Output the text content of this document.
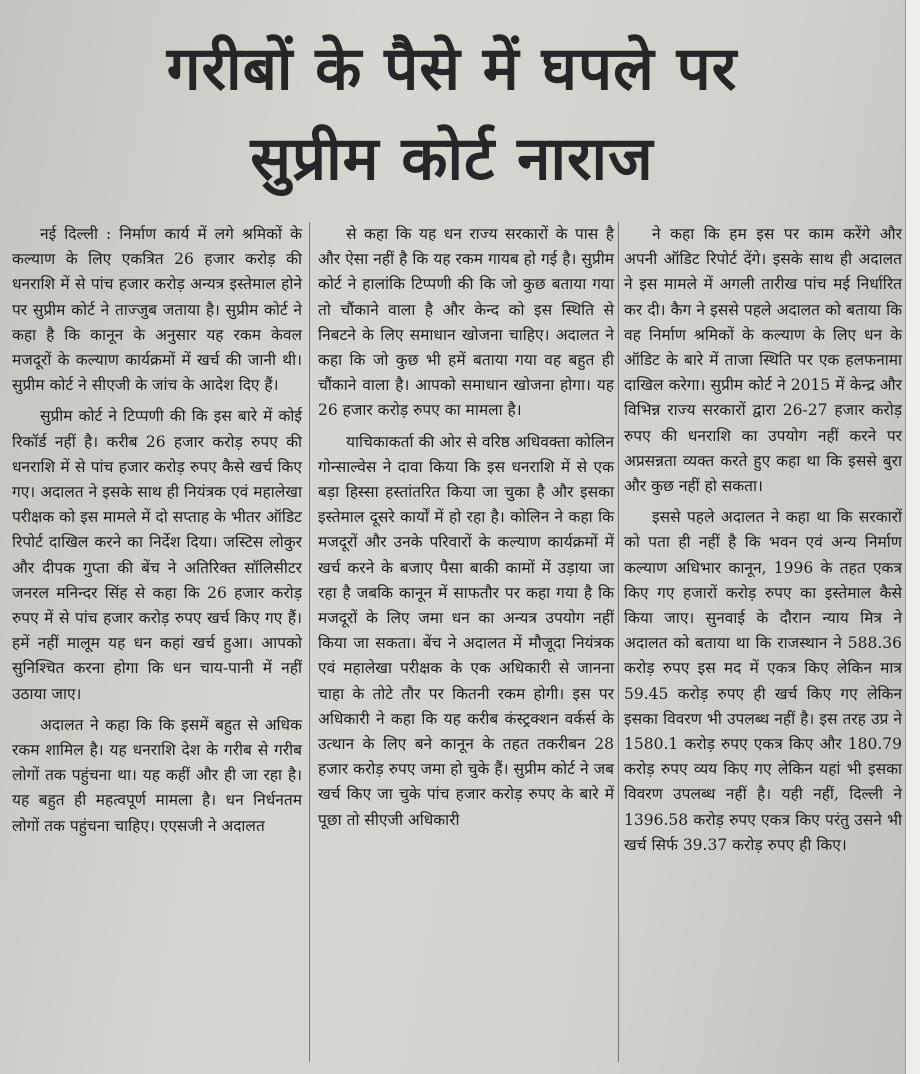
गरीबों के पैसे में घपले पर
सुप्रीम कोर्ट नाराज

नई दिल्ली : निर्माण कार्य में लगे श्रमिकों के कल्याण के लिए एकत्रित 26 हजार करोड़ की धनराशि में से पांच हजार करोड़ अन्यत्र इस्तेमाल होने पर सुप्रीम कोर्ट ने ताज्जुब जताया है। सुप्रीम कोर्ट ने कहा है कि कानून के अनुसार यह रकम केवल मजदूरों के कल्याण कार्यक्रमों में खर्च की जानी थी। सुप्रीम कोर्ट ने सीएजी के जांच के आदेश दिए हैं।

सुप्रीम कोर्ट ने टिप्पणी की कि इस बारे में कोई रिकॉर्ड नहीं है। करीब 26 हजार करोड़ रुपए की धनराशि में से पांच हजार करोड़ रुपए कैसे खर्च किए गए। अदालत ने इसके साथ ही नियंत्रक एवं महालेखा परीक्षक को इस मामले में दो सप्ताह के भीतर ऑडिट रिपोर्ट दाखिल करने का निर्देश दिया। जस्टिस लोकुर और दीपक गुप्ता की बेंच ने अतिरिक्त सॉलिसीटर जनरल मनिन्दर सिंह से कहा कि 26 हजार करोड़ रुपए में से पांच हजार करोड़ रुपए खर्च किए गए हैं। हमें नहीं मालूम यह धन कहां खर्च हुआ। आपको सुनिश्चित करना होगा कि धन चाय-पानी में नहीं उठाया जाए।

अदालत ने कहा कि कि इसमें बहुत से अधिक रकम शामिल है। यह धनराशि देश के गरीब से गरीब लोगों तक पहुंचना था। यह कहीं और ही जा रहा है। यह बहुत ही महत्वपूर्ण मामला है। धन निर्धनतम लोगों तक पहुंचना चाहिए। एएसजी ने अदालत

से कहा कि यह धन राज्य सरकारों के पास है और ऐसा नहीं है कि यह रकम गायब हो गई है। सुप्रीम कोर्ट ने हालांकि टिप्पणी की कि जो कुछ बताया गया तो चौंकाने वाला है और केन्द को इस स्थिति से निबटने के लिए समाधान खोजना चाहिए। अदालत ने कहा कि जो कुछ भी हमें बताया गया वह बहुत ही चौंकाने वाला है। आपको समाधान खोजना होगा। यह 26 हजार करोड़ रुपए का मामला है।

याचिकाकर्ता की ओर से वरिष्ठ अधिवक्ता कोलिन गोन्साल्वेस ने दावा किया कि इस धनराशि में से एक बड़ा हिस्सा हस्तांतरित किया जा चुका है और इसका इस्तेमाल दूसरे कार्यों में हो रहा है। कोलिन ने कहा कि मजदूरों और उनके परिवारों के कल्याण कार्यक्रमों में खर्च करने के बजाए पैसा बाकी कामों में उड़ाया जा रहा है जबकि कानून में साफतौर पर कहा गया है कि मजदूरों के लिए जमा धन का अन्यत्र उपयोग नहीं किया जा सकता। बेंच ने अदालत में मौजूदा नियंत्रक एवं महालेखा परीक्षक के एक अधिकारी से जानना चाहा के तोटे तौर पर कितनी रकम होगी। इस पर अधिकारी ने कहा कि यह करीब कंस्ट्रक्शन वर्कर्स के उत्थान के लिए बने कानून के तहत तकरीबन 28 हजार करोड़ रुपए जमा हो चुके हैं। सुप्रीम कोर्ट ने जब खर्च किए जा चुके पांच हजार करोड़ रुपए के बारे में पूछा तो सीएजी अधिकारी

ने कहा कि हम इस पर काम करेंगे और अपनी ऑडिट रिपोर्ट देंगे। इसके साथ ही अदालत ने इस मामले में अगली तारीख पांच मई निर्धारित कर दी। कैग ने इससे पहले अदालत को बताया कि वह निर्माण श्रमिकों के कल्याण के लिए धन के ऑडिट के बारे में ताजा स्थिति पर एक हलफनामा दाखिल करेगा। सुप्रीम कोर्ट ने 2015 में केन्द्र और विभिन्न राज्य सरकारों द्वारा 26-27 हजार करोड़ रुपए की धनराशि का उपयोग नहीं करने पर अप्रसन्नता व्यक्त करते हुए कहा था कि इससे बुरा और कुछ नहीं हो सकता।

इससे पहले अदालत ने कहा था कि सरकारों को पता ही नहीं है कि भवन एवं अन्य निर्माण कल्याण अधिभार कानून, 1996 के तहत एकत्र किए गए हजारों करोड़ रुपए का इस्तेमाल कैसे किया जाए। सुनवाई के दौरान न्याय मित्र ने अदालत को बताया था कि राजस्थान ने 588.36 करोड़ रुपए इस मद में एकत्र किए लेकिन मात्र 59.45 करोड़ रुपए ही खर्च किए गए लेकिन इसका विवरण भी उपलब्ध नहीं है। इस तरह उप्र ने 1580.1 करोड़ रुपए एकत्र किए और 180.79 करोड़ रुपए व्यय किए गए लेकिन यहां भी इसका विवरण उपलब्ध नहीं है। यही नहीं, दिल्ली ने 1396.58 करोड़ रुपए एकत्र किए परंतु उसने भी खर्च सिर्फ 39.37 करोड़ रुपए ही किए।
